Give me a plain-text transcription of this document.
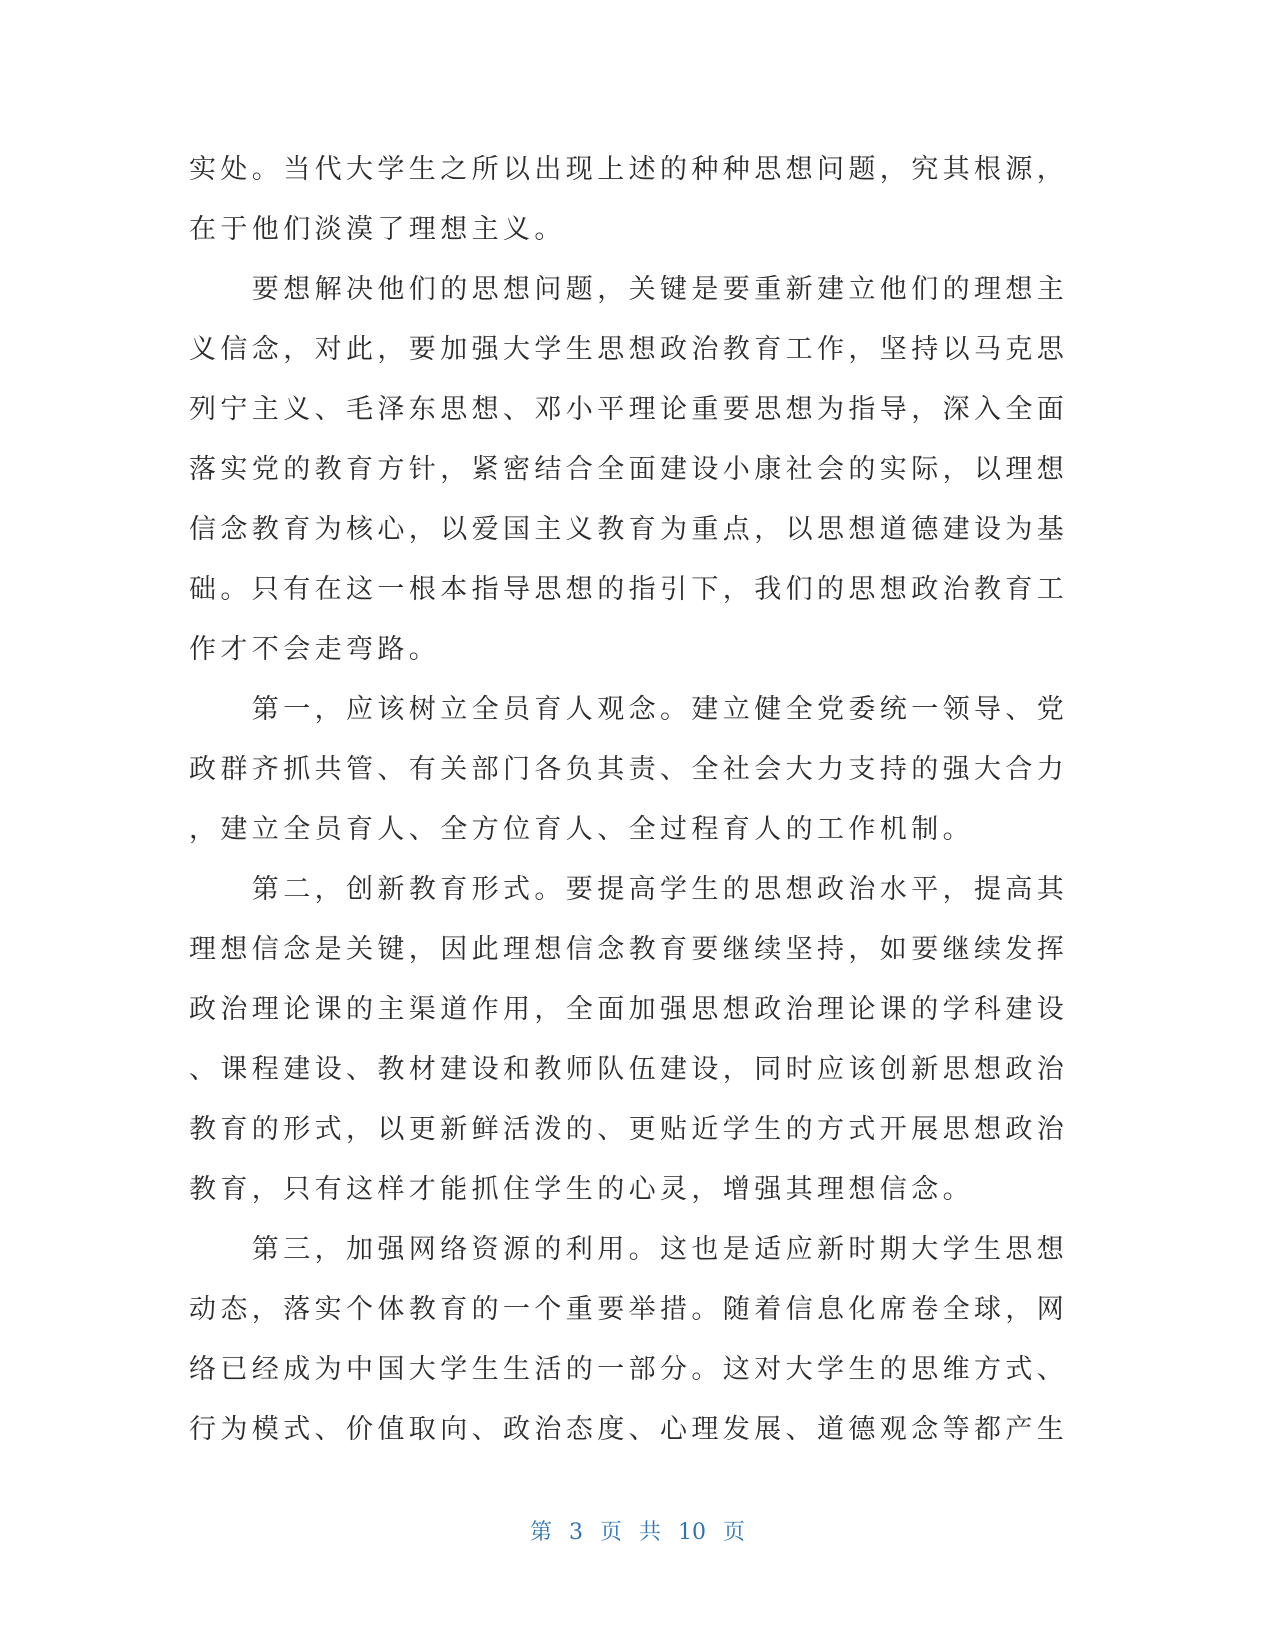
实处。当代大学生之所以出现上述的种种思想问题，究其根源，
在于他们淡漠了理想主义。
　　要想解决他们的思想问题，关键是要重新建立他们的理想主
义信念，对此，要加强大学生思想政治教育工作，坚持以马克思
列宁主义、毛泽东思想、邓小平理论重要思想为指导，深入全面
落实党的教育方针，紧密结合全面建设小康社会的实际，以理想
信念教育为核心，以爱国主义教育为重点，以思想道德建设为基
础。只有在这一根本指导思想的指引下，我们的思想政治教育工
作才不会走弯路。
　　第一，应该树立全员育人观念。建立健全党委统一领导、党
政群齐抓共管、有关部门各负其责、全社会大力支持的强大合力
，建立全员育人、全方位育人、全过程育人的工作机制。
　　第二，创新教育形式。要提高学生的思想政治水平，提高其
理想信念是关键，因此理想信念教育要继续坚持，如要继续发挥
政治理论课的主渠道作用，全面加强思想政治理论课的学科建设
、课程建设、教材建设和教师队伍建设，同时应该创新思想政治
教育的形式，以更新鲜活泼的、更贴近学生的方式开展思想政治
教育，只有这样才能抓住学生的心灵，增强其理想信念。
　　第三，加强网络资源的利用。这也是适应新时期大学生思想
动态，落实个体教育的一个重要举措。随着信息化席卷全球，网
络已经成为中国大学生生活的一部分。这对大学生的思维方式、
行为模式、价值取向、政治态度、心理发展、道德观念等都产生
第 3 页 共 10 页
